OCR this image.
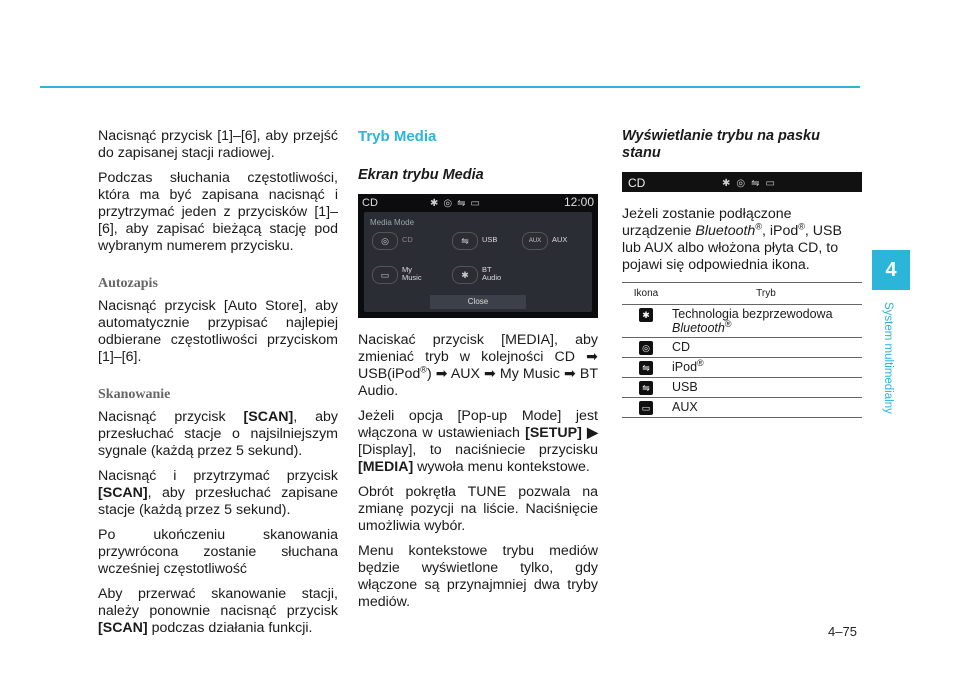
Nacisnąć przycisk [1]–[6], aby przejść do zapisanej stacji radiowej.

Podczas słuchania częstotliwości, która ma być zapisana nacisnąć i przytrzymać jeden z przycisków [1]–[6], aby zapisać bieżącą stację pod wybranym numerem przycisku.

Autozapis

Nacisnąć przycisk [Auto Store], aby automatycznie przypisać najlepiej odbierane częstotliwości przyciskom [1]–[6].

Skanowanie

Nacisnąć przycisk [SCAN], aby przesłuchać stacje o najsilniejszym sygnale (każdą przez 5 sekund).

Nacisnąć i przytrzymać przycisk [SCAN], aby przesłuchać zapisane stacje (każdą przez 5 sekund).

Po ukończeniu skanowania przywrócona zostanie słuchana wcześniej częstotliwość

Aby przerwać skanowanie stacji, należy ponownie nacisnąć przycisk [SCAN] podczas działania funkcji.

Tryb Media
Ekran trybu Media
CD	✱◎⇋▭	12:00
Media Mode
◎	CD	⇋	USB	AUX	AUX
▭
My
Music	✱
BT
Audio
Close

Naciskać przycisk [MEDIA], aby zmieniać tryb w kolejności CD ➡ USB(iPod®) ➡ AUX ➡ My Music ➡ BT Audio.

Jeżeli opcja [Pop-up Mode] jest włączona w ustawieniach [SETUP] ▶ [Display], to naciśniecie przycisku [MEDIA] wywoła menu kontekstowe.

Obrót pokrętła TUNE pozwala na zmianę pozycji na liście. Naciśnięcie umożliwia wybór.

Menu kontekstowe trybu mediów będzie wyświetlone tylko, gdy włączone są przynajmniej dwa tryby mediów.

Wyświetlanie trybu na pasku stanu
CD	✱◎⇋▭

Jeżeli zostanie podłączone urządzenie Bluetooth®, iPod®, USB lub AUX albo włożona płyta CD, to pojawi się odpowiednia ikona.

Ikona	Tryb
✱	Technologia bezprzewodowa
Bluetooth®
◎	CD
⇋	iPod®
⇋	USB
▭	AUX
4
System multimedialny
4–75
